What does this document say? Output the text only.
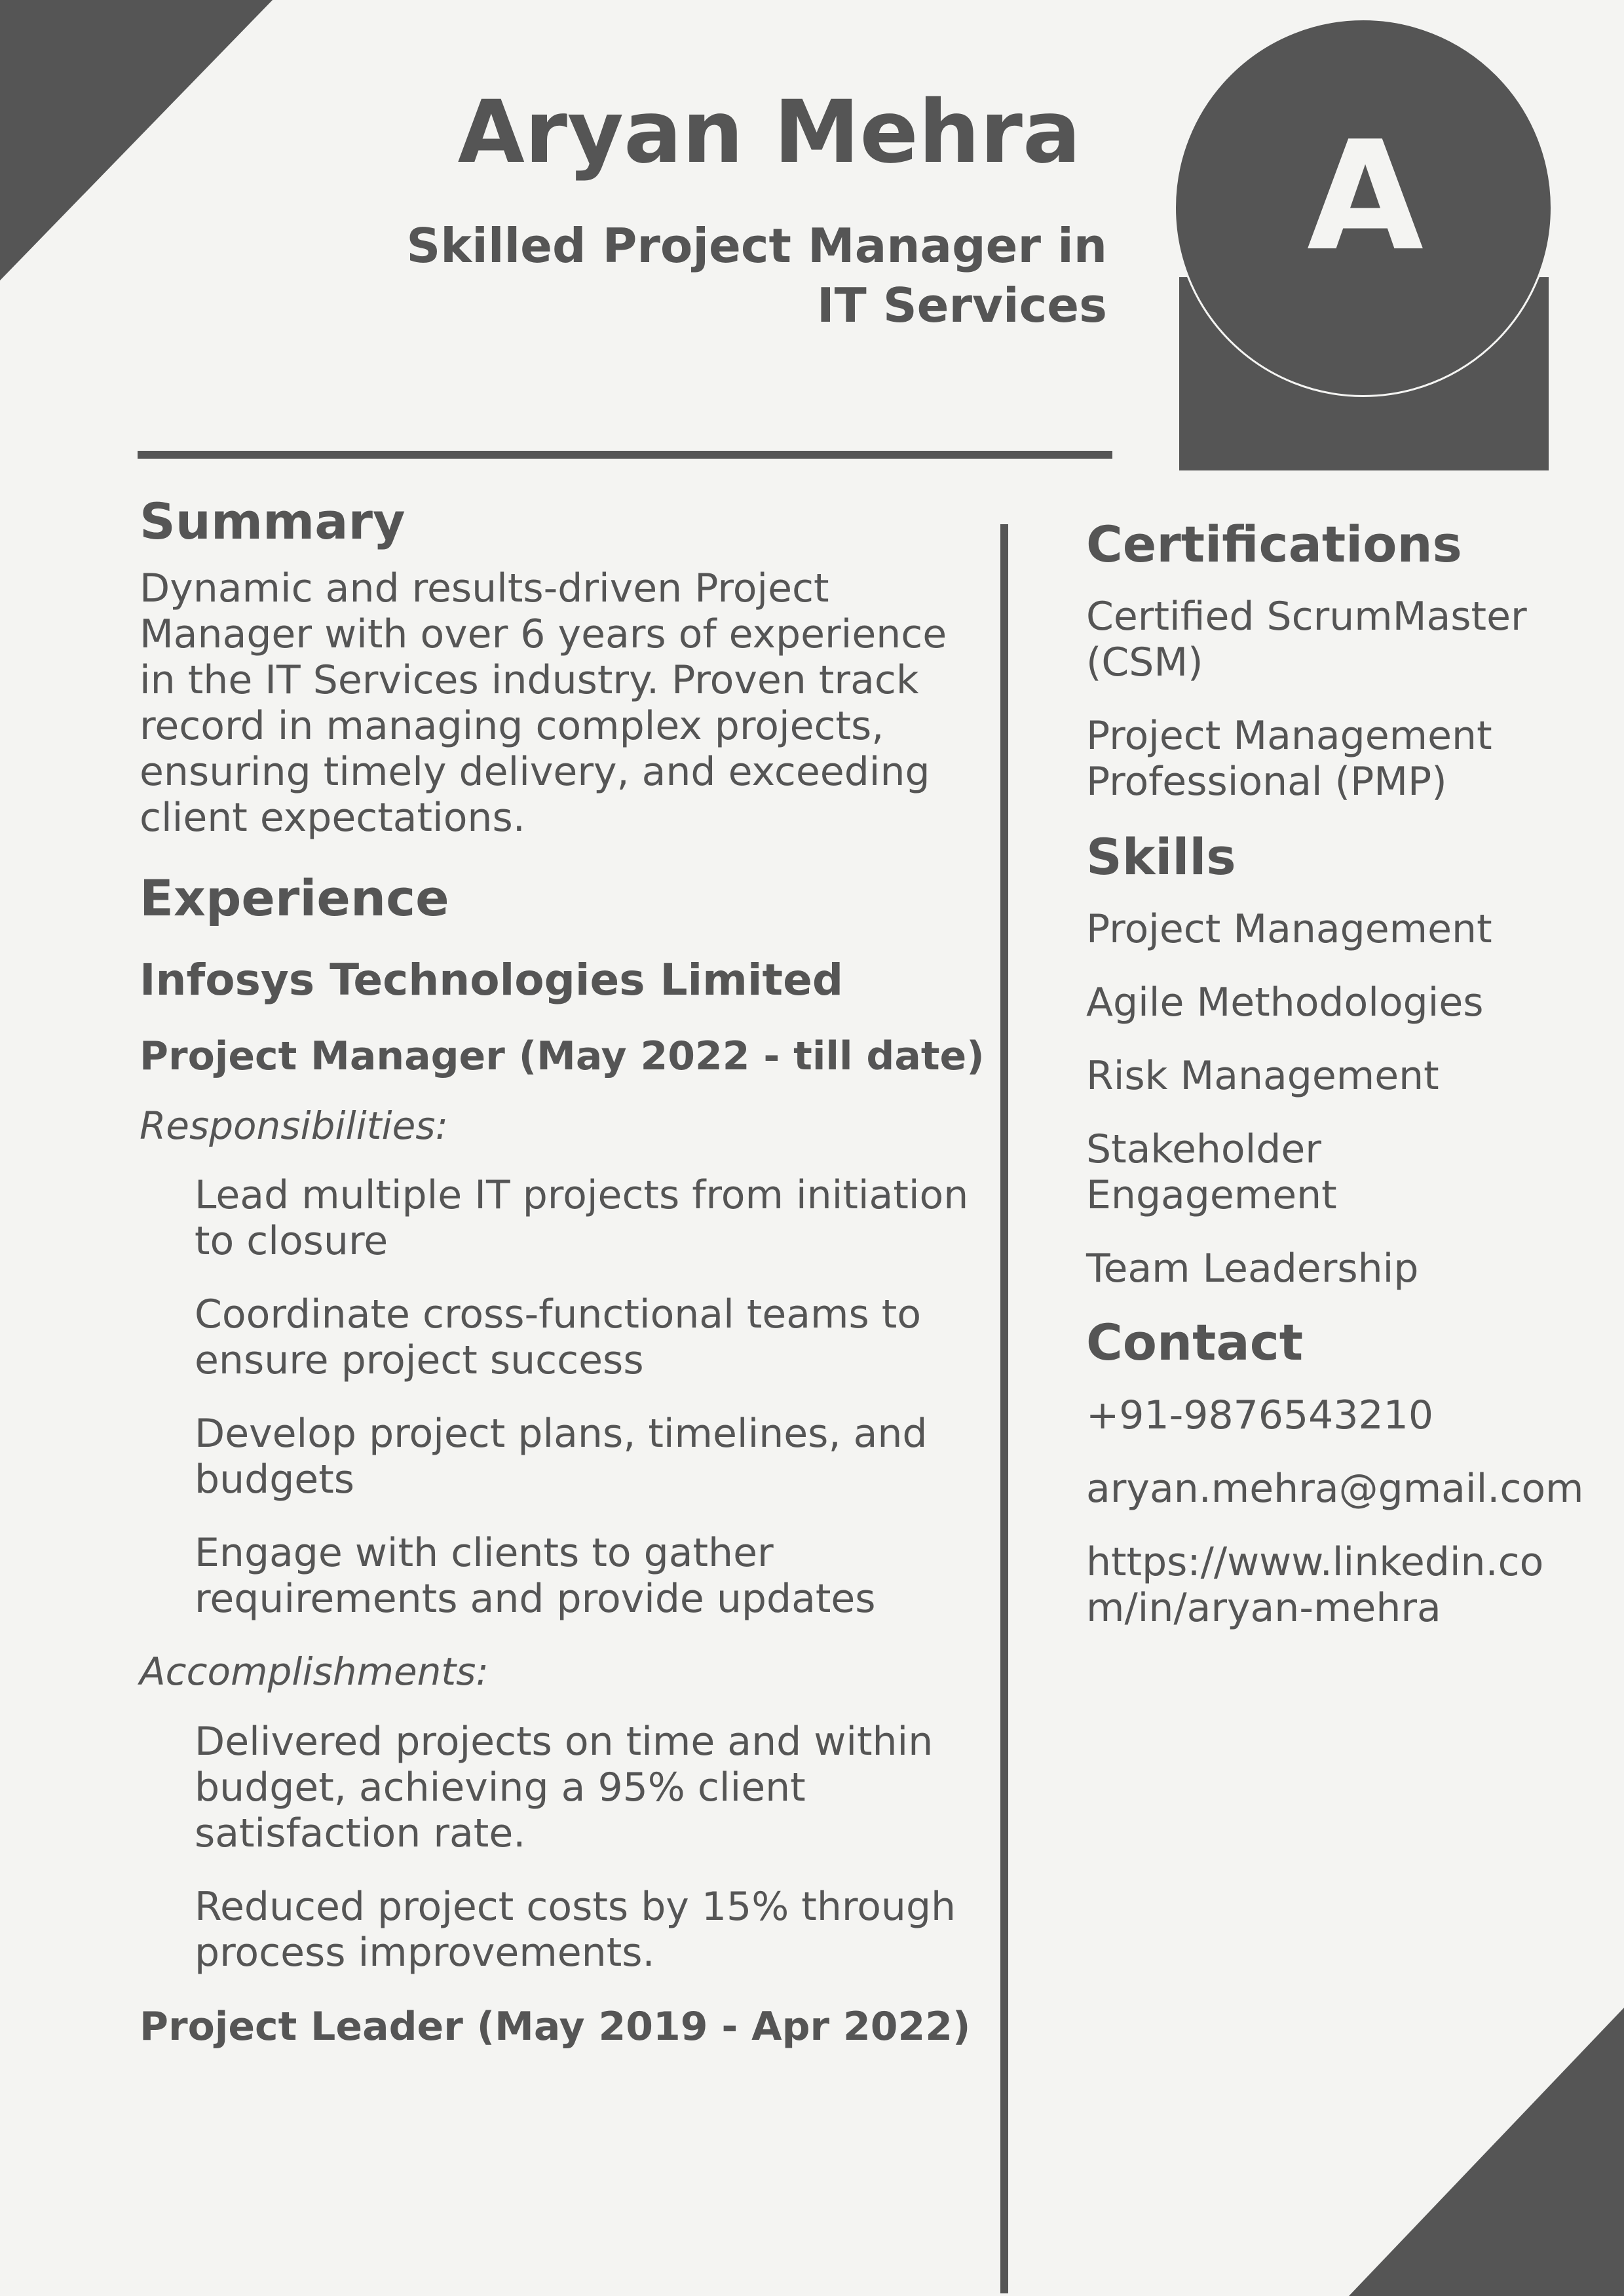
Aryan Mehra

Skilled Project Manager in IT Services

A
Summary

Dynamic and results-driven Project Manager with over 6 years of experience in the IT Services industry. Proven track record in managing complex projects, ensuring timely delivery, and exceeding client expectations.

Experience

Infosys Technologies Limited

Project Manager (May 2022 - till date)

Responsibilities:

Lead multiple IT projects from initiation to closure
Coordinate cross-functional teams to ensure project success
Develop project plans, timelines, and budgets
Engage with clients to gather requirements and provide updates

Accomplishments:

Delivered projects on time and within budget, achieving a 95% client satisfaction rate.
Reduced project costs by 15% through process improvements.

Project Leader (May 2019 - Apr 2022)

Certifications
Certified ScrumMaster (CSM)
Project Management Professional (PMP)
Skills
Project Management
Agile Methodologies
Risk Management
Stakeholder Engagement
Team Leadership
Contact
+91-9876543210
aryan.mehra@gmail.com
https://www.linkedin.com/in/aryan-mehra
